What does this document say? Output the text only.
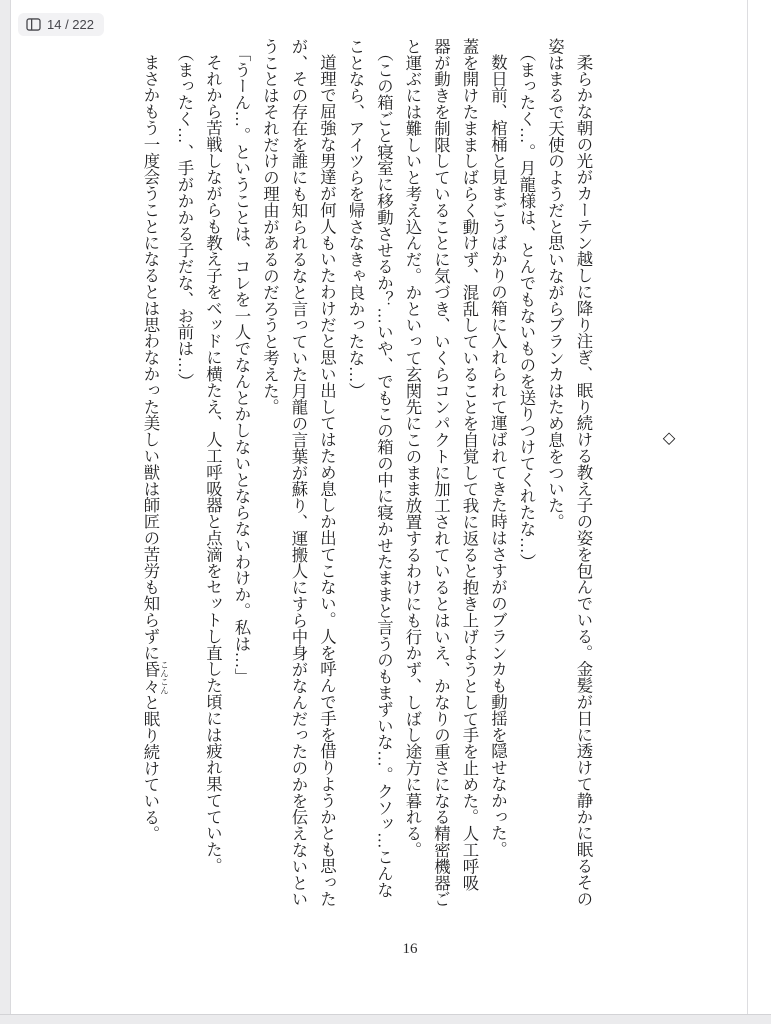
14 / 222
◇
柔らかな朝の光がカーテン越しに降り注ぎ、眠り続ける教え子の姿を包んでいる。金髪が日に透けて静かに眠るその
姿はまるで天使のようだと思いながらブランカはため息をついた。
（まったく…。月龍様は、とんでもないものを送りつけてくれたな…）
数日前、棺桶と見まごうばかりの箱に入れられて運ばれてきた時はさすがのブランカも動揺を隠せなかった。
蓋を開けたまましばらく動けず、混乱していることを自覚して我に返ると抱き上げようとして手を止めた。人工呼吸
器が動きを制限していることに気づき、いくらコンパクトに加工されているとはいえ、かなりの重さになる精密機器ご
と運ぶには難しいと考え込んだ。かといって玄関先にこのまま放置するわけにも行かず、しばし途方に暮れる。
（この箱ごと寝室に移動させるか？…いや、でもこの箱の中に寝かせたままと言うのもまずいな…。クソッ…こんな
ことなら、アイツらを帰さなきゃ良かったな…）
道理で屈強な男達が何人もいたわけだと思い出してはため息しか出てこない。人を呼んで手を借りようかとも思った
が、その存在を誰にも知られるなと言っていた月龍の言葉が蘇り、運搬人にすら中身がなんだったのかを伝えないとい
うことはそれだけの理由があるのだろうと考えた。
「うーん…。ということは、コレを一人でなんとかしないとならないわけか。私は…」
それから苦戦しながらも教え子をベッドに横たえ、人工呼吸器と点滴をセットし直した頃には疲れ果てていた。
（まったく…、手がかかる子だな、お前は…）
まさかもう一度会うことになるとは思わなかった美しい獣は師匠の苦労も知らずに昏々 こんこんと眠り続けている。
16
